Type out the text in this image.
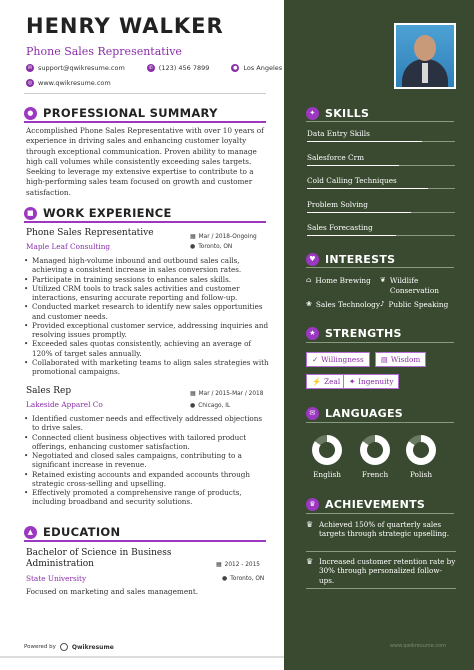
HENRY WALKER
Phone Sales Representative
✉ support@qwikresume.com	✆ (123) 456 7899	● Los Angeles
◎ www.qwikresume.com
● PROFESSIONAL SUMMARY
Accomplished Phone Sales Representative with over 10 years of experience in driving sales and enhancing customer loyalty through exceptional communication. Proven ability to manage high call volumes while consistently exceeding sales targets. Seeking to leverage my extensive expertise to contribute to a high-performing sales team focused on growth and customer satisfaction.
■ WORK EXPERIENCE
Phone Sales Representative	▦ Mar / 2018-Ongoing
Maple Leaf Consulting	● Toronto, ON
• Managed high-volume inbound and outbound sales calls, achieving a consistent increase in sales conversion rates.
• Participate in training sessions to enhance sales skills.
• Utilized CRM tools to track sales activities and customer interactions, ensuring accurate reporting and follow-up.
• Conducted market research to identify new sales opportunities and customer needs.
• Provided exceptional customer service, addressing inquiries and resolving issues promptly.
• Exceeded sales quotas consistently, achieving an average of 120% of target sales annually.
• Collaborated with marketing teams to align sales strategies with promotional campaigns.
Sales Rep	▦ Mar / 2015-Mar / 2018
Lakeside Apparel Co	● Chicago, IL
• Identified customer needs and effectively addressed objections to drive sales.
• Connected client business objectives with tailored product offerings, enhancing customer satisfaction.
• Negotiated and closed sales campaigns, contributing to a significant increase in revenue.
• Retained existing accounts and expanded accounts through strategic cross-selling and upselling.
• Effectively promoted a comprehensive range of products, including broadband and security solutions.
▲ EDUCATION
Bachelor of Science in Business Administration	▦ 2012 - 2015
State University	● Toronto, ON
Focused on marketing and sales management.
Powered by	Qwikresume
✦ SKILLS
Data Entry Skills
Salesforce Crm
Cold Calling Techniques
Problem Solving
Sales Forecasting
♥ INTERESTS
⌂ Home Brewing ❦ Wildlife Conservation
❀ Sales Technology ♪ Public Speaking
★ STRENGTHS
✓ Willingness ▤ Wisdom
⚡ Zeal ✦ Ingenuity
✉ LANGUAGES
English	French	Polish
♛ ACHIEVEMENTS
♛ Achieved 150% of quarterly sales targets through strategic upselling.
♛ Increased customer retention rate by 30% through personalized follow-ups.
www.qwikresume.com
